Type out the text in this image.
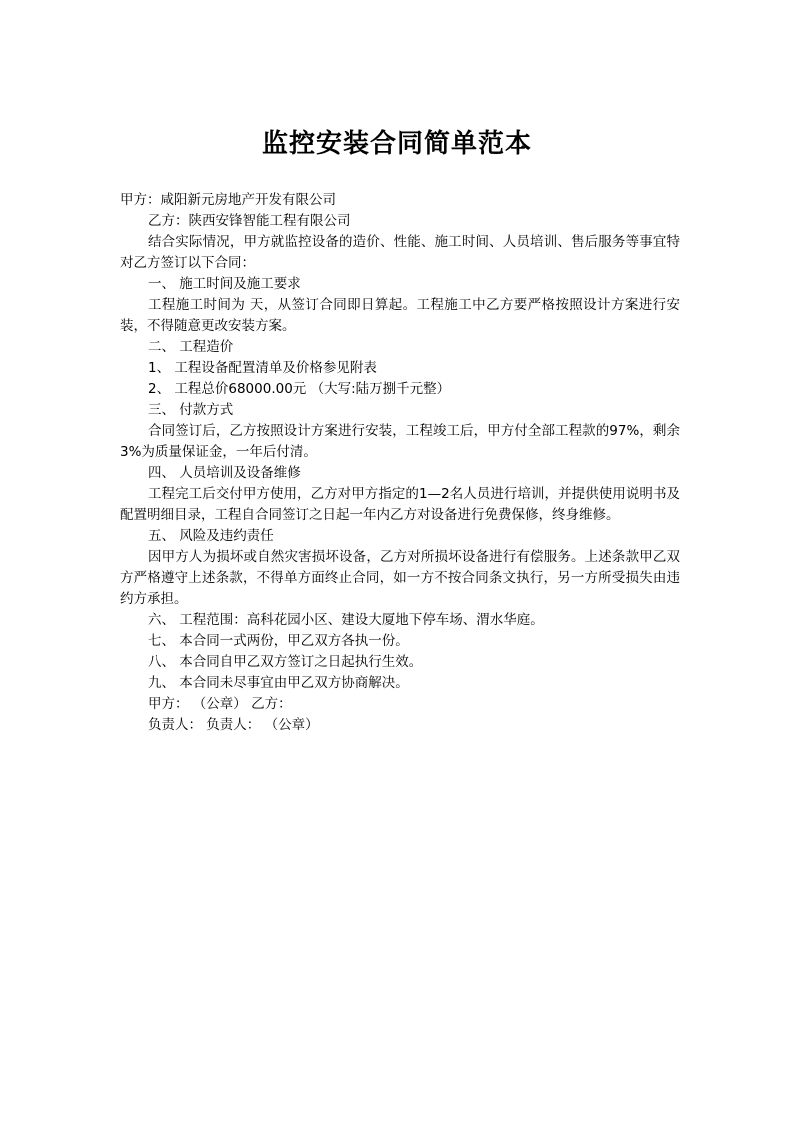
监控安装合同简单范本

甲方：咸阳新元房地产开发有限公司

乙方：陕西安锋智能工程有限公司

结合实际情况，甲方就监控设备的造价、性能、施工时间、人员培训、售后服务等事宜特对乙方签订以下合同：

一、 施工时间及施工要求

工程施工时间为 天，从签订合同即日算起。工程施工中乙方要严格按照设计方案进行安装，不得随意更改安装方案。

二、 工程造价

1、 工程设备配置清单及价格参见附表

2、 工程总价68000.00元 （大写:陆万捌千元整）

三、 付款方式

合同签订后，乙方按照设计方案进行安装，工程竣工后，甲方付全部工程款的97%，剩余3%为质量保证金，一年后付清。

四、 人员培训及设备维修

工程完工后交付甲方使用，乙方对甲方指定的1—2名人员进行培训，并提供使用说明书及配置明细目录，工程自合同签订之日起一年内乙方对设备进行免费保修，终身维修。

五、 风险及违约责任

因甲方人为损坏或自然灾害损坏设备，乙方对所损坏设备进行有偿服务。上述条款甲乙双方严格遵守上述条款，不得单方面终止合同，如一方不按合同条文执行，另一方所受损失由违约方承担。

六、 工程范围：高科花园小区、建设大厦地下停车场、渭水华庭。

七、 本合同一式两份，甲乙双方各执一份。

八、 本合同自甲乙双方签订之日起执行生效。

九、 本合同未尽事宜由甲乙双方协商解决。

甲方： （公章） 乙方：

负责人： 负责人： （公章）
